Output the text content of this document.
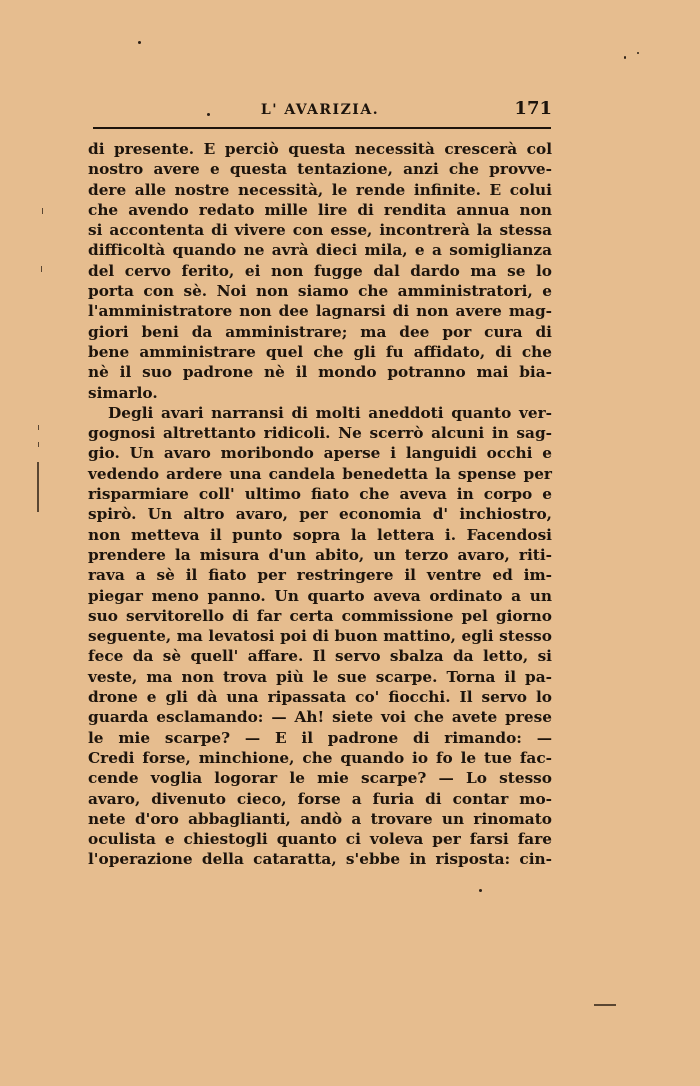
L' AVARIZIA.	171
di presente. E perciò questa necessità crescerà col
nostro avere e questa tentazione, anzi che provve-
dere alle nostre necessità, le rende infinite. E colui
che avendo redato mille lire di rendita annua non
si accontenta di vivere con esse, incontrerà la stessa
difficoltà quando ne avrà dieci mila, e a somiglianza
del cervo ferito, ei non fugge dal dardo ma se lo
porta con sè. Noi non siamo che amministratori, e
l'amministratore non dee lagnarsi di non avere mag-
giori beni da amministrare; ma dee por cura di
bene amministrare quel che gli fu affidato, di che
nè il suo padrone nè il mondo potranno mai bia-
simarlo.
Degli avari narransi di molti aneddoti quanto ver-
gognosi altrettanto ridicoli. Ne scerrò alcuni in sag-
gio. Un avaro moribondo aperse i languidi occhi e
vedendo ardere una candela benedetta la spense per
risparmiare coll' ultimo fiato che aveva in corpo e
spirò. Un altro avaro, per economia d' inchiostro,
non metteva il punto sopra la lettera i. Facendosi
prendere la misura d'un abito, un terzo avaro, riti-
rava a sè il fiato per restringere il ventre ed im-
piegar meno panno. Un quarto aveva ordinato a un
suo servitorello di far certa commissione pel giorno
seguente, ma levatosi poi di buon mattino, egli stesso
fece da sè quell' affare. Il servo sbalza da letto, si
veste, ma non trova più le sue scarpe. Torna il pa-
drone e gli dà una ripassata co' fiocchi. Il servo lo
guarda esclamando: — Ah! siete voi che avete prese
le mie scarpe? — E il padrone di rimando: —
Credi forse, minchione, che quando io fo le tue fac-
cende voglia logorar le mie scarpe? — Lo stesso
avaro, divenuto cieco, forse a furia di contar mo-
nete d'oro abbaglianti, andò a trovare un rinomato
oculista e chiestogli quanto ci voleva per farsi fare
l'operazione della cataratta, s'ebbe in risposta: cin-
